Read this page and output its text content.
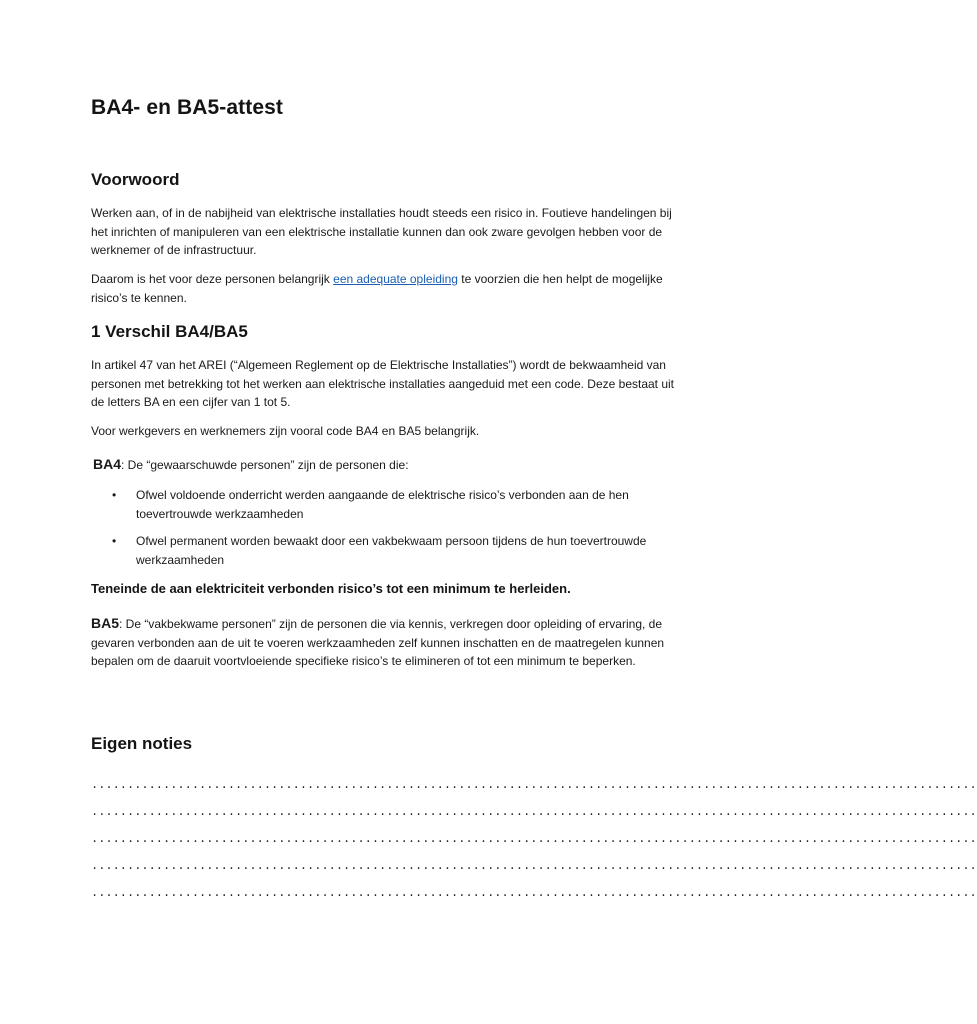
BA4- en BA5-attest
Voorwoord

Werken aan, of in de nabijheid van elektrische installaties houdt steeds een risico in. Foutieve handelingen bij het inrichten of manipuleren van een elektrische installatie kunnen dan ook zware gevolgen hebben voor de werknemer of de infrastructuur.

Daarom is het voor deze personen belangrijk een adequate opleiding te voorzien die hen helpt de mogelijke risico’s te kennen.

1 Verschil BA4/BA5

In artikel 47 van het AREI (“Algemeen Reglement op de Elektrische Installaties”) wordt de bekwaamheid van personen met betrekking tot het werken aan elektrische installaties aangeduid met een code. Deze bestaat uit de letters BA en een cijfer van 1 tot 5.

Voor werkgevers en werknemers zijn vooral code BA4 en BA5 belangrijk.

BA4: De “gewaarschuwde personen” zijn de personen die:

• Ofwel voldoende onderricht werden aangaande de elektrische risico’s verbonden aan de hen toevertrouwde werkzaamheden
• Ofwel permanent worden bewaakt door een vakbekwaam persoon tijdens de hun toevertrouwde werkzaamheden

Teneinde de aan elektriciteit verbonden risico’s tot een minimum te herleiden.

BA5: De “vakbekwame personen” zijn de personen die via kennis, verkregen door opleiding of ervaring, de gevaren verbonden aan de uit te voeren werkzaamheden zelf kunnen inschatten en de maatregelen kunnen bepalen om de daaruit voortvloeiende specifieke risico’s te elimineren of tot een minimum te beperken.

Eigen noties

...........................................................................................................................

...........................................................................................................................

...........................................................................................................................

...........................................................................................................................

...........................................................................................................................
